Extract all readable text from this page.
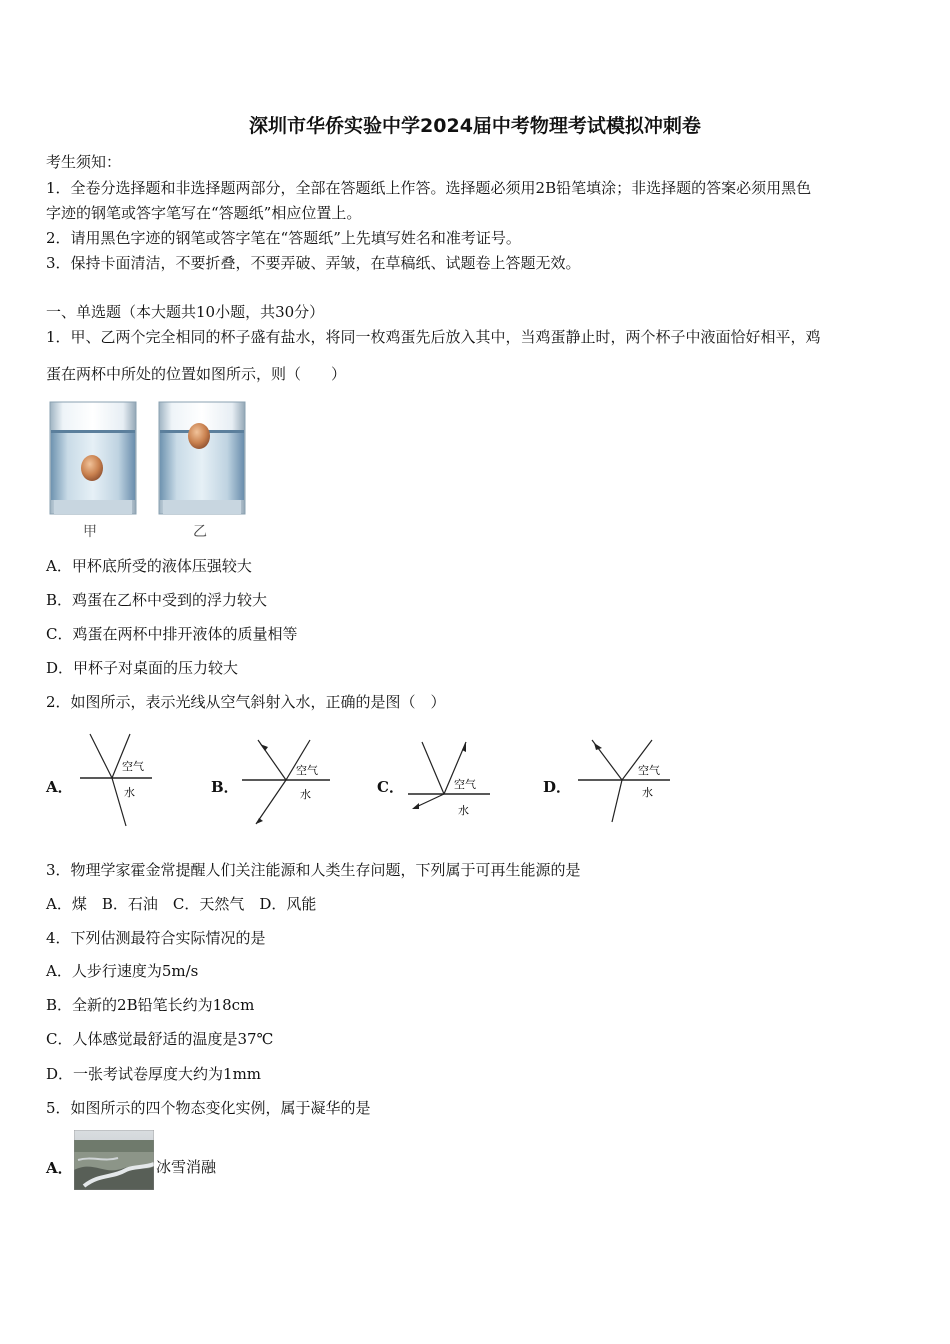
深圳市华侨实验中学2024届中考物理考试模拟冲刺卷
考生须知：
1．全卷分选择题和非选择题两部分，全部在答题纸上作答。选择题必须用2B铅笔填涂；非选择题的答案必须用黑色
字迹的钢笔或答字笔写在“答题纸”相应位置上。
2．请用黑色字迹的钢笔或答字笔在“答题纸”上先填写姓名和准考证号。
3．保持卡面清洁，不要折叠，不要弄破、弄皱，在草稿纸、试题卷上答题无效。
一、单选题（本大题共10小题，共30分）
1．甲、乙两个完全相同的杯子盛有盐水，将同一枚鸡蛋先后放入其中，当鸡蛋静止时，两个杯子中液面恰好相平，鸡
蛋在两杯中所处的位置如图所示，则（　　）
甲	乙
A．甲杯底所受的液体压强较大
B．鸡蛋在乙杯中受到的浮力较大
C．鸡蛋在两杯中排开液体的质量相等
D．甲杯子对桌面的压力较大
2．如图所示，表示光线从空气斜射入水，正确的是图（　）
A．
空气
水	B．
空气
水	C．	空气
水
D．
空气
水
3．物理学家霍金常提醒人们关注能源和人类生存问题，下列属于可再生能源的是
A．煤　B．石油　C．天然气　D．风能
4．下列估测最符合实际情况的是
A．人步行速度为5m/s
B．全新的2B铅笔长约为18cm
C．人体感觉最舒适的温度是37℃
D．一张考试卷厚度大约为1mm
5．如图所示的四个物态变化实例，属于凝华的是
A．	冰雪消融
